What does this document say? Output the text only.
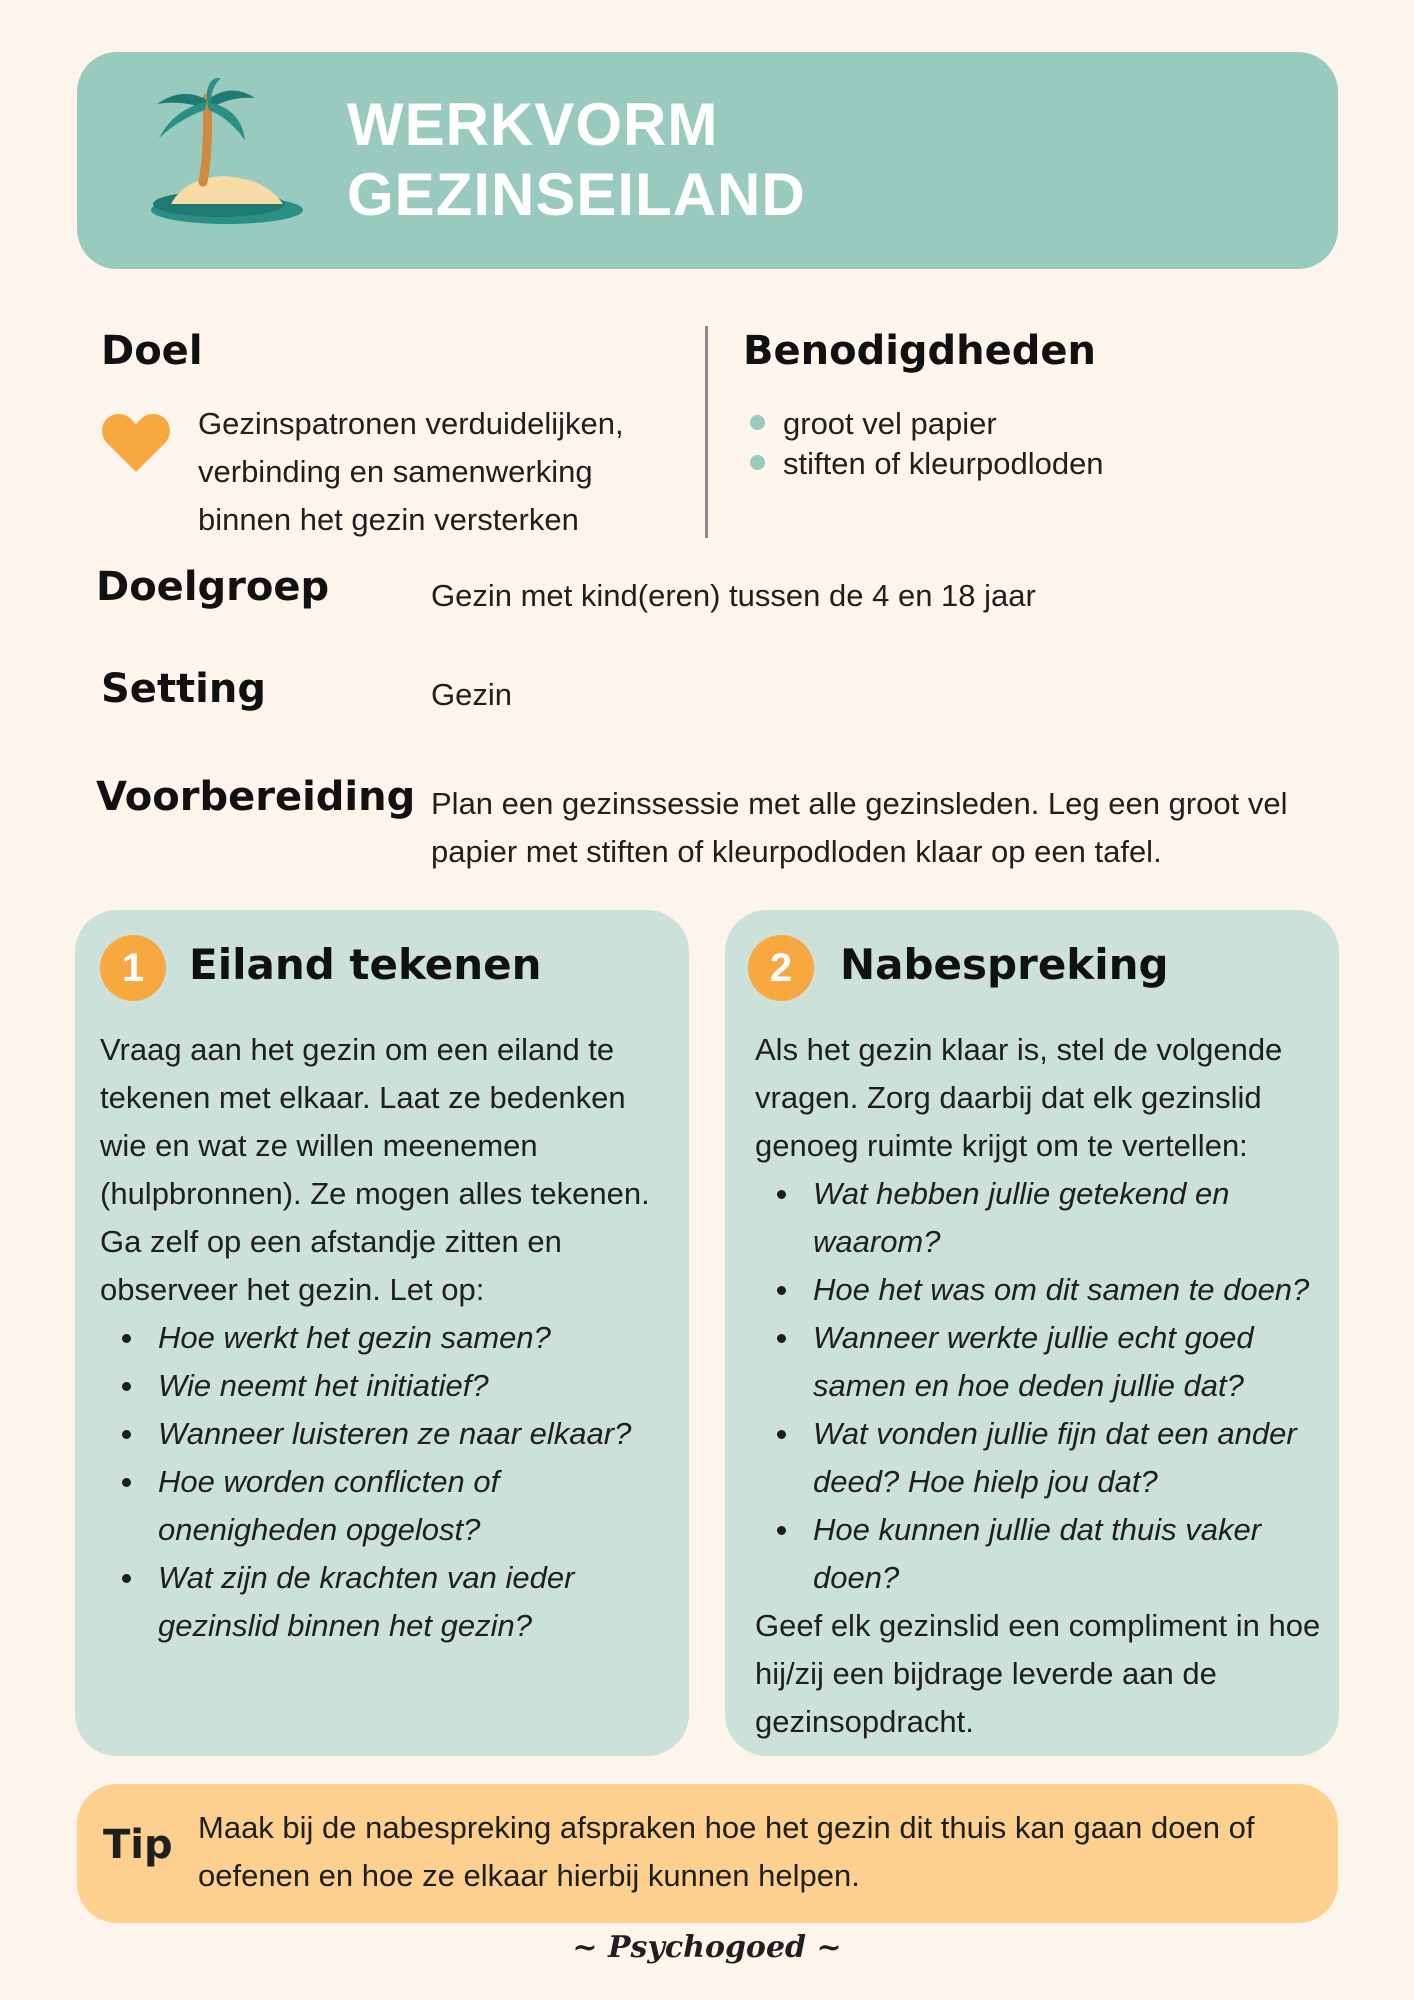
WERKVORM
GEZINSEILAND
Doel
Gezinspatronen verduidelijken, verbinding en samenwerking binnen het gezin versterken
Benodigdheden
groot vel papier
stiften of kleurpodloden
Doelgroep	Gezin met kind(eren) tussen de 4 en 18 jaar
Setting	Gezin
Voorbereiding Plan een gezinssessie met alle gezinsleden. Leg een groot vel papier met stiften of kleurpodloden klaar op een tafel.
1	Eiland tekenen
Vraag aan het gezin om een eiland te tekenen met elkaar. Laat ze bedenken wie en wat ze willen meenemen (hulpbronnen). Ze mogen alles tekenen.
Ga zelf op een afstandje zitten en observeer het gezin. Let op:
Hoe werkt het gezin samen?
Wie neemt het initiatief?
Wanneer luisteren ze naar elkaar?
Hoe worden conflicten of onenigheden opgelost?
Wat zijn de krachten van ieder gezinslid binnen het gezin?
2	Nabespreking
Als het gezin klaar is, stel de volgende vragen. Zorg daarbij dat elk gezinslid genoeg ruimte krijgt om te vertellen:
Wat hebben jullie getekend en waarom?
Hoe het was om dit samen te doen?
Wanneer werkte jullie echt goed samen en hoe deden jullie dat?
Wat vonden jullie fijn dat een ander deed? Hoe hielp jou dat?
Hoe kunnen jullie dat thuis vaker doen?
Geef elk gezinslid een compliment in hoe hij/zij een bijdrage leverde aan de gezinsopdracht.
Tip Maak bij de nabespreking afspraken hoe het gezin dit thuis kan gaan doen of oefenen en hoe ze elkaar hierbij kunnen helpen.
~ Psychogoed ~
